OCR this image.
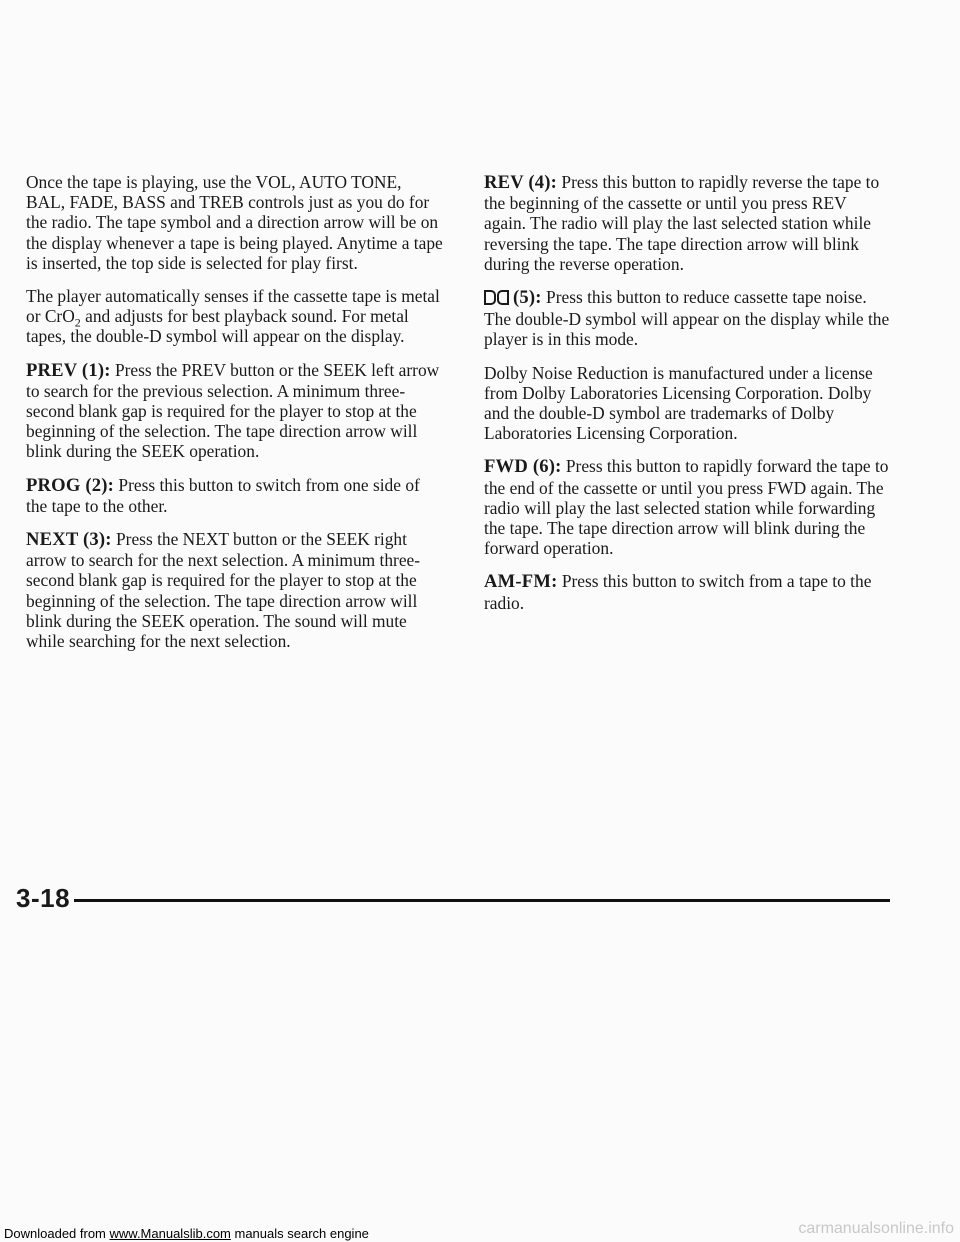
Once the tape is playing, use the VOL, AUTO TONE, BAL, FADE, BASS and TREB controls just as you do for the radio. The tape symbol and a direction arrow will be on the display whenever a tape is being played. Anytime a tape is inserted, the top side is selected for play first.

The player automatically senses if the cassette tape is metal or CrO$_2$ and adjusts for best playback sound. For metal tapes, the double-D symbol will appear on the display.

PREV (1): Press the PREV button or the SEEK left arrow to search for the previous selection. A minimum three-second blank gap is required for the player to stop at the beginning of the selection. The tape direction arrow will blink during the SEEK operation.

PROG (2): Press this button to switch from one side of the tape to the other.

NEXT (3): Press the NEXT button or the SEEK right arrow to search for the next selection. A minimum three-second blank gap is required for the player to stop at the beginning of the selection. The tape direction arrow will blink during the SEEK operation. The sound will mute while searching for the next selection.

REV (4): Press this button to rapidly reverse the tape to the beginning of the cassette or until you press REV again. The radio will play the last selected station while reversing the tape. The tape direction arrow will blink during the reverse operation.

(5): Press this button to reduce cassette tape noise. The double-D symbol will appear on the display while the player is in this mode.

Dolby Noise Reduction is manufactured under a license from Dolby Laboratories Licensing Corporation. Dolby and the double-D symbol are trademarks of Dolby Laboratories Licensing Corporation.

FWD (6): Press this button to rapidly forward the tape to the end of the cassette or until you press FWD again. The radio will play the last selected station while forwarding the tape. The tape direction arrow will blink during the forward operation.

AM-FM: Press this button to switch from a tape to the radio.

3-18
Downloaded from www.Manualslib.com manuals search engine	carmanualsonline.info
